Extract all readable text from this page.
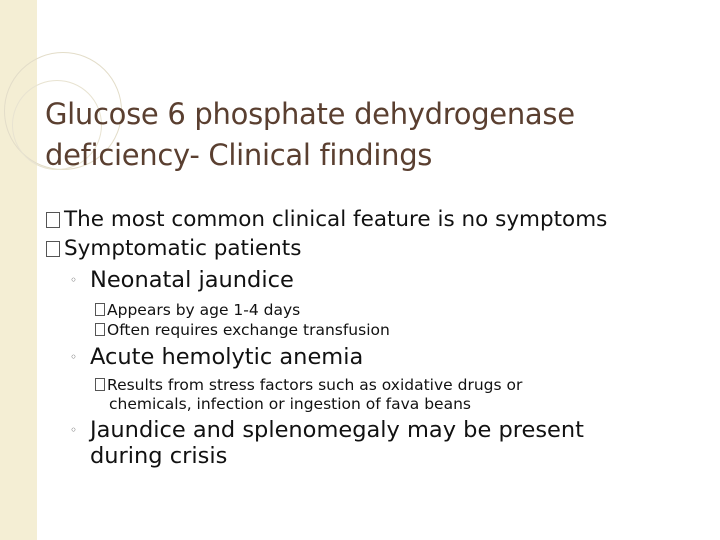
Glucose 6 phosphate dehydrogenase
deficiency- Clinical findings
The most common clinical feature is no symptoms
Symptomatic patients
◦ Neonatal jaundice
Appears by age 1-4 days
Often requires exchange transfusion
◦ Acute hemolytic anemia
Results from stress factors such as oxidative drugs or
chemicals, infection or ingestion of fava beans
◦ Jaundice and splenomegaly may be present
during crisis
